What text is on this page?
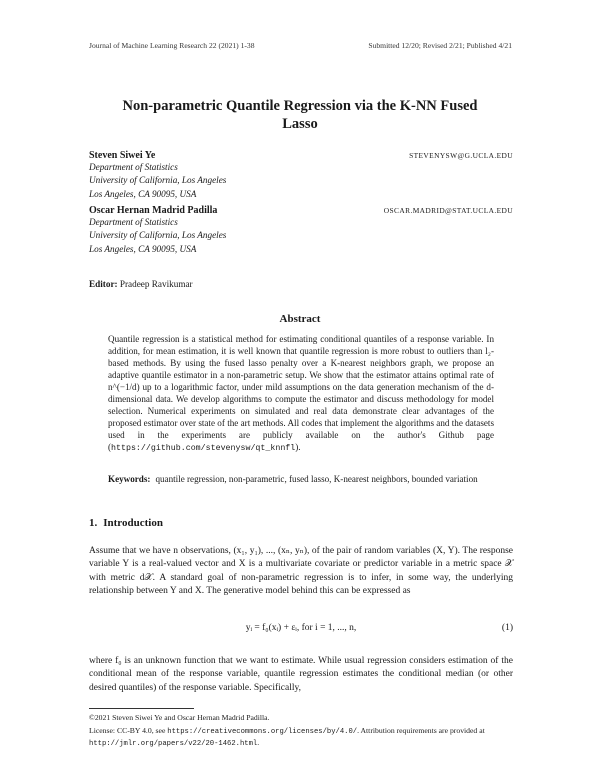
Journal of Machine Learning Research 22 (2021) 1-38	Submitted 12/20; Revised 2/21; Published 4/21
Non-parametric Quantile Regression via the K-NN Fused
Lasso
Steven Siwei Ye	STEVENYSW@G.UCLA.EDU
Department of Statistics
University of California, Los Angeles
Los Angeles, CA 90095, USA
Oscar Hernan Madrid Padilla	OSCAR.MADRID@STAT.UCLA.EDU
Department of Statistics
University of California, Los Angeles
Los Angeles, CA 90095, USA
Editor: Pradeep Ravikumar
Abstract
Quantile regression is a statistical method for estimating conditional quantiles of a response variable. In addition, for mean estimation, it is well known that quantile regression is more robust to outliers than l₂-based methods. By using the fused lasso penalty over a K-nearest neighbors graph, we propose an adaptive quantile estimator in a non-parametric setup. We show that the estimator attains optimal rate of n^(−1/d) up to a logarithmic factor, under mild assumptions on the data generation mechanism of the d-dimensional data. We develop algorithms to compute the estimator and discuss methodology for model selection. Numerical experiments on simulated and real data demonstrate clear advantages of the proposed estimator over state of the art methods. All codes that implement the algorithms and the datasets used in the experiments are publicly available on the author's Github page (https://github.com/stevenysw/qt_knnfl).
Keywords: quantile regression, non-parametric, fused lasso, K-nearest neighbors, bounded variation
1. Introduction
Assume that we have n observations, (x₁, y₁), ..., (xₙ, yₙ), of the pair of random variables (X, Y). The response variable Y is a real-valued vector and X is a multivariate covariate or predictor variable in a metric space 𝒳 with metric d𝒳. A standard goal of non-parametric regression is to infer, in some way, the underlying relationship between Y and X. The generative model behind this can be expressed as
yᵢ = f₀(xᵢ) + εᵢ, for i = 1, ..., n,	(1)
where f₀ is an unknown function that we want to estimate. While usual regression considers estimation of the conditional mean of the response variable, quantile regression estimates the conditional median (or other desired quantiles) of the response variable. Specifically,
©2021 Steven Siwei Ye and Oscar Hernan Madrid Padilla.
License: CC-BY 4.0, see https://creativecommons.org/licenses/by/4.0/. Attribution requirements are provided at http://jmlr.org/papers/v22/20-1462.html.
